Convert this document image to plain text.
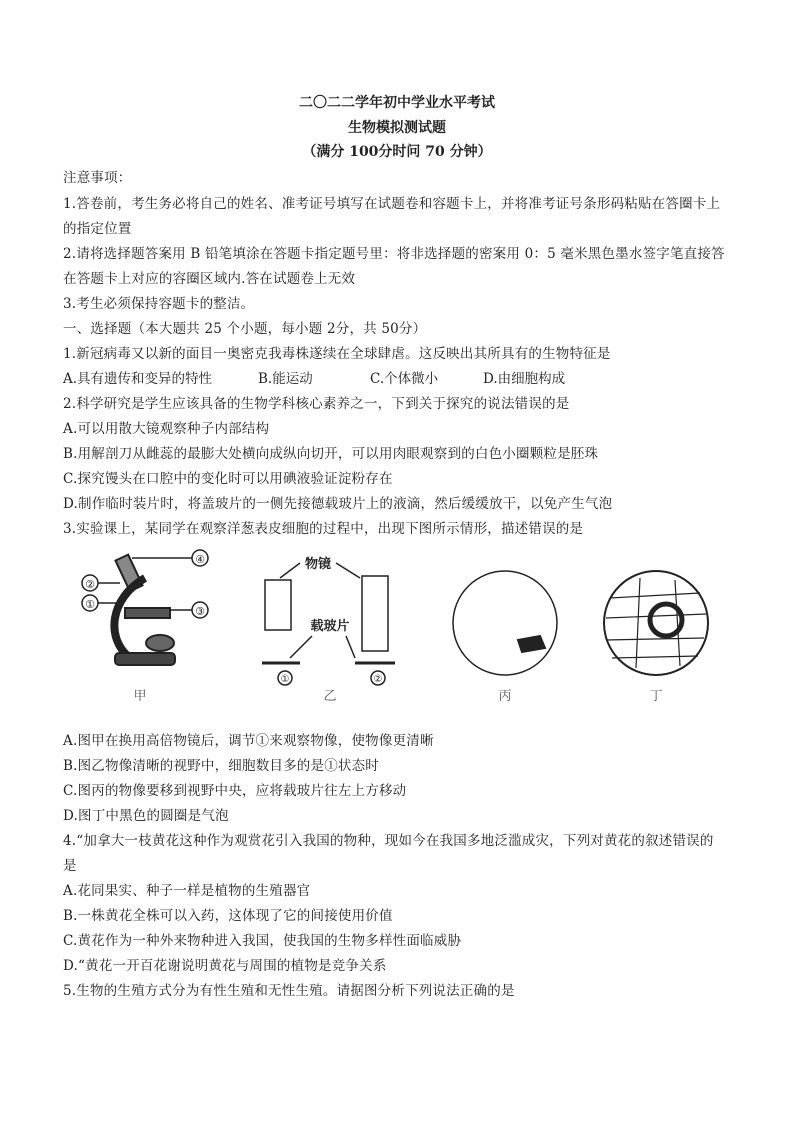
二〇二二学年初中学业水平考试
生物模拟测试题
（满分 100分时问 70 分钟）
注意事项：
1.答卷前，考生务必将自己的姓名、准考证号填写在试题卷和容题卡上，并将准考证号条形码粘贴在答圈卡上
的指定位置
2.请将选择题答案用 B 铅笔填涂在答题卡指定题号里：将非选择题的密案用 0：5 毫米黑色墨水签字笔直接答
在答题卡上对应的容圈区域内.答在试题卷上无效
3.考生必须保持容题卡的整洁。
一、选择题（本大题共 25 个小题，每小题 2分，共 50分）
1.新冠病毒又以新的面目一奥密克我毒株遂续在全球肆虐。这反映出其所具有的生物特征是
A.具有遗传和变异的特性	B.能运动	C.个体微小	D.由细胞构成
2.科学研究是学生应该具备的生物学科核心素养之一，下到关于探究的说法错误的是
A.可以用散大镜观察种子内部结构
B.用解剖刀从雌蕊的最膨大处横向成纵向切开，可以用肉眼观察到的白色小圈颗粒是胚珠
C.探究馒头在口腔中的变化时可以用碘液验证淀粉存在
D.制作临时装片时，将盖玻片的一侧先接德载玻片上的液滴，然后缓缓放干，以免产生气泡
3.实验课上，某同学在观察洋葱表皮细胞的过程中，出现下图所示情形，描述错误的是
④
②
①
③
物镜
载玻片
①	②
甲	乙	丙	丁
A.图甲在换用高倍物镜后，调节①来观察物像，使物像更清晰
B.图乙物像清晰的视野中，细胞数目多的是①状态时
C.图丙的物像要移到视野中央，应将载玻片往左上方移动
D.图丁中黑色的圆圈是气泡
4.“加拿大一枝黄花这种作为观赏花引入我国的物种，现如今在我国多地泛滥成灾，下列对黄花的叙述错误的
是
A.花同果实、种子一样是植物的生殖器官
B.一株黄花全株可以入药，这体现了它的间接使用价值
C.黄花作为一种外来物种进入我国，使我国的生物多样性面临威胁
D.“黄花一开百花谢说明黄花与周围的植物是竞争关系
5.生物的生殖方式分为有性生殖和无性生殖。请据图分析下列说法正确的是
